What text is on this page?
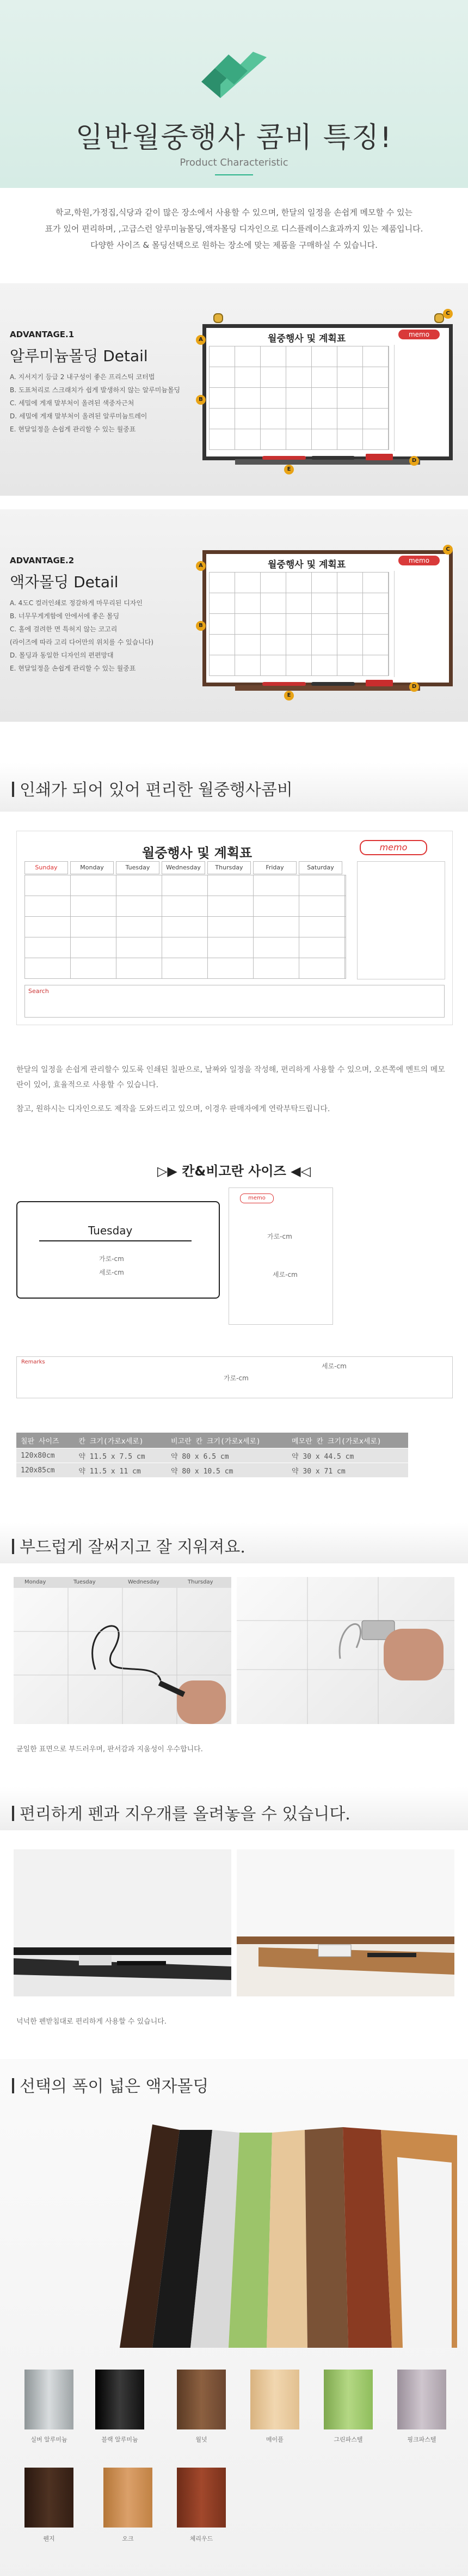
일반월중행사 콤비 특징!
Product Characteristic

학교,학원,가정집,식당과 같이 많은 장소에서 사용할 수 있으며, 한달의 일정을 손쉽게 메모할 수 있는

표가 있어 편리하며, ,고급스런 알루미늄몰딩,액자몰딩 디자인으로 디스플레이스효과까지 있는 제품입니다.

다양한 사이즈 & 몰딩선택으로 원하는 장소에 맞는 제품을 구매하실 수 있습니다.

ADVANTAGE.1
알루미늄몰딩 Detail
A. 지서지기 등급 2 내구성이 좋은 프리스틱 코터법
B. 도표처리로 스크래치가 쉽게 발생하지 않는 알루미늄몰딩
C. 세밀에 게재 말부처이 올려된 색중자근처
D. 세밀에 게재 말부처이 올려된 알루미늄트레이
E. 현달일정을 손쉽게 관리할 수 있는 월중표
월중행사 및 계획표	memo
A
B
C
D
E
ADVANTAGE.2
액자몰딩 Detail
A. 4도C 컬러인쇄로 정갈하게 마무리된 디자인
B. 너무무게게함에 안에서에 좋은 몰딩
C. 홀에 걸려한 면 특허지 않는 코고리
(라이즈에 따라 고리 다어만의 위치를 수 있습니다)
D. 몰딩과 동일한 디자인의 편편망대
E. 현달일정을 손쉽게 관리할 수 있는 월중표
월중행사 및 계획표	memo
A
B
C
D
E
인쇄가 되어 있어 편리한 월중행사콤비
월중행사 및 계획표	memo
Sunday	Monday	Tuesday	Wednesday	Thursday	Friday	Saturday
Search

한달의 일정을 손쉽게 관리할수 있도록 인쇄된 칠판으로, 날짜와 일정을 작성해, 편리하게 사용할 수 있으며, 오른쪽에 멘트의 메모란이 있어, 효율적으로 사용할 수 있습니다.

참고, 원하시는 디자인으로도 제작을 도와드리고 있으며, 이경우 판매자에게 연락부탁드립니다.

▷▶ 칸&비고란 사이즈 ◀◁
Tuesday
가로-cm
세로-cm
memo
가로-cm
세로-cm
Remarks
가로-cm
세로-cm
칠판 사이즈	칸 크기(가로x세로)	비고란 칸 크기(가로x세로)	메모란 칸 크기(가로x세로)
120x80cm	약 11.5 x 7.5 cm	약 80 x 6.5 cm	약 30 x 44.5 cm
120x85cm	약 11.5 x 11 cm	약 80 x 10.5 cm	약 30 x 71 cm
부드럽게 잘써지고 잘 지워져요.
Monday	Tuesday	Wednesday	Thursday
균일한 표면으로 부드러우며, 판서감과 지움성이 우수합니다.
편리하게 펜과 지우개를 올려놓을 수 있습니다.
넉넉한 펜받침대로 편리하게 사용할 수 있습니다.
선택의 폭이 넓은 액자몰딩
실버 알루미늄	블랙 알루미늄	월넛	메이플	그린파스텔	핑크파스텔
웬지	오크	체리우드
